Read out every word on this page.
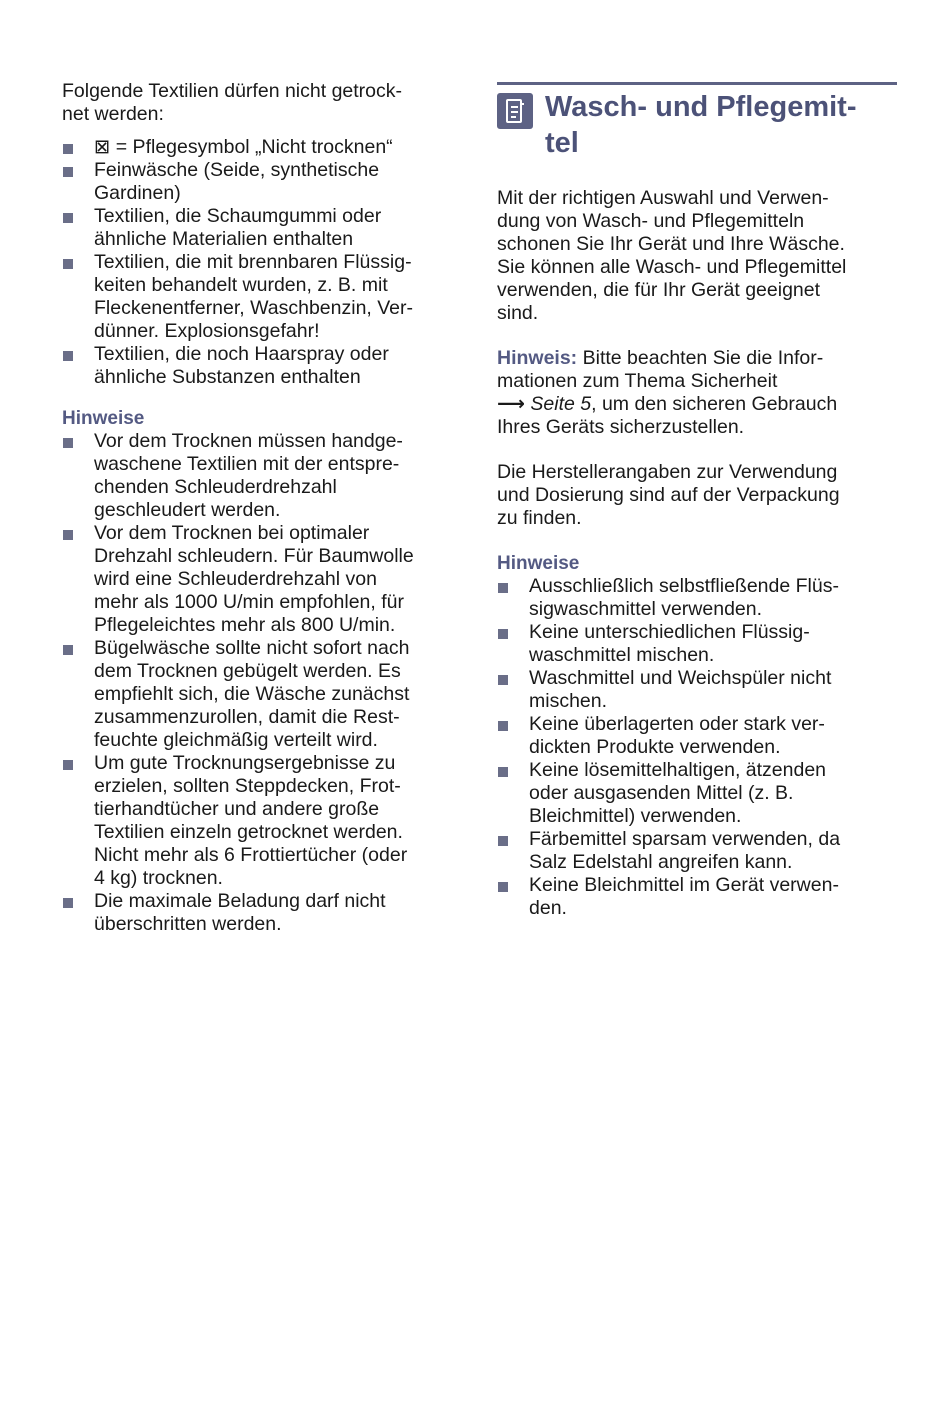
Folgende Textilien dürfen nicht getrock-
net werden:

⊠ = Pflegesymbol „Nicht trocknen“
Feinwäsche (Seide, synthetische
Gardinen)
Textilien, die Schaumgummi oder
ähnliche Materialien enthalten
Textilien, die mit brennbaren Flüssig-
keiten behandelt wurden, z. B. mit
Fleckenentferner, Waschbenzin, Ver-
dünner. Explosionsgefahr!
Textilien, die noch Haarspray oder
ähnliche Substanzen enthalten
Hinweise
Vor dem Trocknen müssen handge-
waschene Textilien mit der entspre-
chenden Schleuderdrehzahl
geschleudert werden.
Vor dem Trocknen bei optimaler
Drehzahl schleudern. Für Baumwolle
wird eine Schleuderdrehzahl von
mehr als 1000 U/min empfohlen, für
Pflegeleichtes mehr als 800 U/min.
Bügelwäsche sollte nicht sofort nach
dem Trocknen gebügelt werden. Es
empfiehlt sich, die Wäsche zunächst
zusammenzurollen, damit die Rest-
feuchte gleichmäßig verteilt wird.
Um gute Trocknungsergebnisse zu
erzielen, sollten Steppdecken, Frot-
tierhandtücher und andere große
Textilien einzeln getrocknet werden.
Nicht mehr als 6 Frottiertücher (oder
4 kg) trocknen.
Die maximale Beladung darf nicht
überschritten werden.
Wasch- und Pflegemit-
tel

Mit der richtigen Auswahl und Verwen-
dung von Wasch- und Pflegemitteln
schonen Sie Ihr Gerät und Ihre Wäsche.
Sie können alle Wasch- und Pflegemittel
verwenden, die für Ihr Gerät geeignet
sind.

Hinweis: Bitte beachten Sie die Infor-
mationen zum Thema Sicherheit
⟶ Seite 5, um den sicheren Gebrauch
Ihres Geräts sicherzustellen.

Die Herstellerangaben zur Verwendung
und Dosierung sind auf der Verpackung
zu finden.

Hinweise
Ausschließlich selbstfließende Flüs-
sigwaschmittel verwenden.
Keine unterschiedlichen Flüssig-
waschmittel mischen.
Waschmittel und Weichspüler nicht
mischen.
Keine überlagerten oder stark ver-
dickten Produkte verwenden.
Keine lösemittelhaltigen, ätzenden
oder ausgasenden Mittel (z. B.
Bleichmittel) verwenden.
Färbemittel sparsam verwenden, da
Salz Edelstahl angreifen kann.
Keine Bleichmittel im Gerät verwen-
den.
